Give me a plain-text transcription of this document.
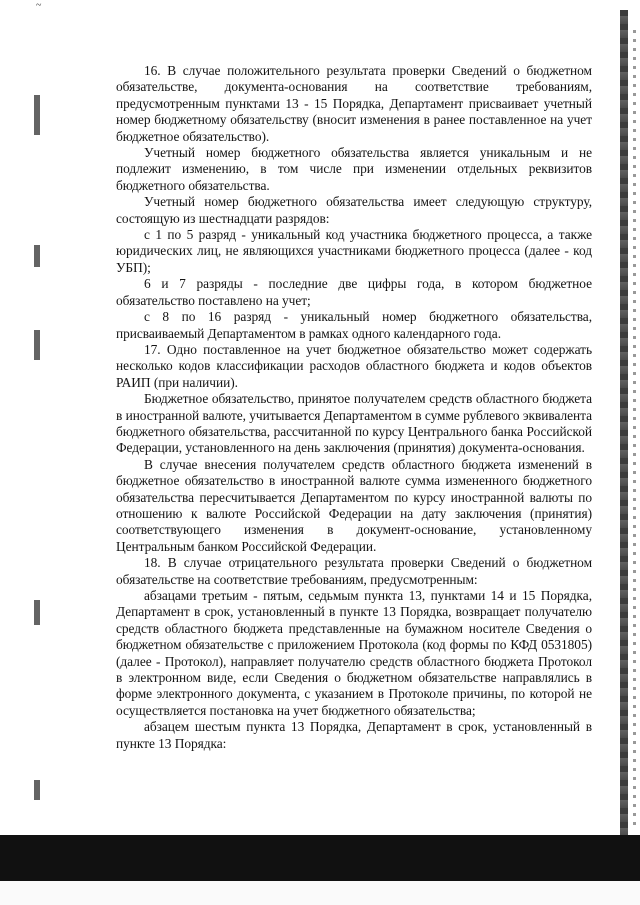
~

16. В случае положительного результата проверки Сведений о бюджетном обязательстве, документа-основания на соответствие требованиям, предусмотренным пунктами 13 - 15 Порядка, Департамент присваивает учетный номер бюджетному обязательству (вносит изменения в ранее поставленное на учет бюджетное обязательство).

Учетный номер бюджетного обязательства является уникальным и не подлежит изменению, в том числе при изменении отдельных реквизитов бюджетного обязательства.

Учетный номер бюджетного обязательства имеет следующую структуру, состоящую из шестнадцати разрядов:

с 1 по 5 разряд - уникальный код участника бюджетного процесса, а также юридических лиц, не являющихся участниками бюджетного процесса (далее - код УБП);

6 и 7 разряды - последние две цифры года, в котором бюджетное обязательство поставлено на учет;

с 8 по 16 разряд - уникальный номер бюджетного обязательства, присваиваемый Департаментом в рамках одного календарного года.

17. Одно поставленное на учет бюджетное обязательство может содержать несколько кодов классификации расходов областного бюджета и кодов объектов РАИП (при наличии).

Бюджетное обязательство, принятое получателем средств областного бюджета в иностранной валюте, учитывается Департаментом в сумме рублевого эквивалента бюджетного обязательства, рассчитанной по курсу Центрального банка Российской Федерации, установленного на день заключения (принятия) документа-основания.

В случае внесения получателем средств областного бюджета изменений в бюджетное обязательство в иностранной валюте сумма измененного бюджетного обязательства пересчитывается Департаментом по курсу иностранной валюты по отношению к валюте Российской Федерации на дату заключения (принятия) соответствующего изменения в документ-основание, установленному Центральным банком Российской Федерации.

18. В случае отрицательного результата проверки Сведений о бюджетном обязательстве на соответствие требованиям, предусмотренным:

абзацами третьим - пятым, седьмым пункта 13, пунктами 14 и 15 Порядка, Департамент в срок, установленный в пункте 13 Порядка, возвращает получателю средств областного бюджета представленные на бумажном носителе Сведения о бюджетном обязательстве с приложением Протокола (код формы по КФД 0531805) (далее - Протокол), направляет получателю средств областного бюджета Протокол в электронном виде, если Сведения о бюджетном обязательстве направлялись в форме электронного документа, с указанием в Протоколе причины, по которой не осуществляется постановка на учет бюджетного обязательства;

абзацем шестым пункта 13 Порядка, Департамент в срок, установленный в пункте 13 Порядка:
